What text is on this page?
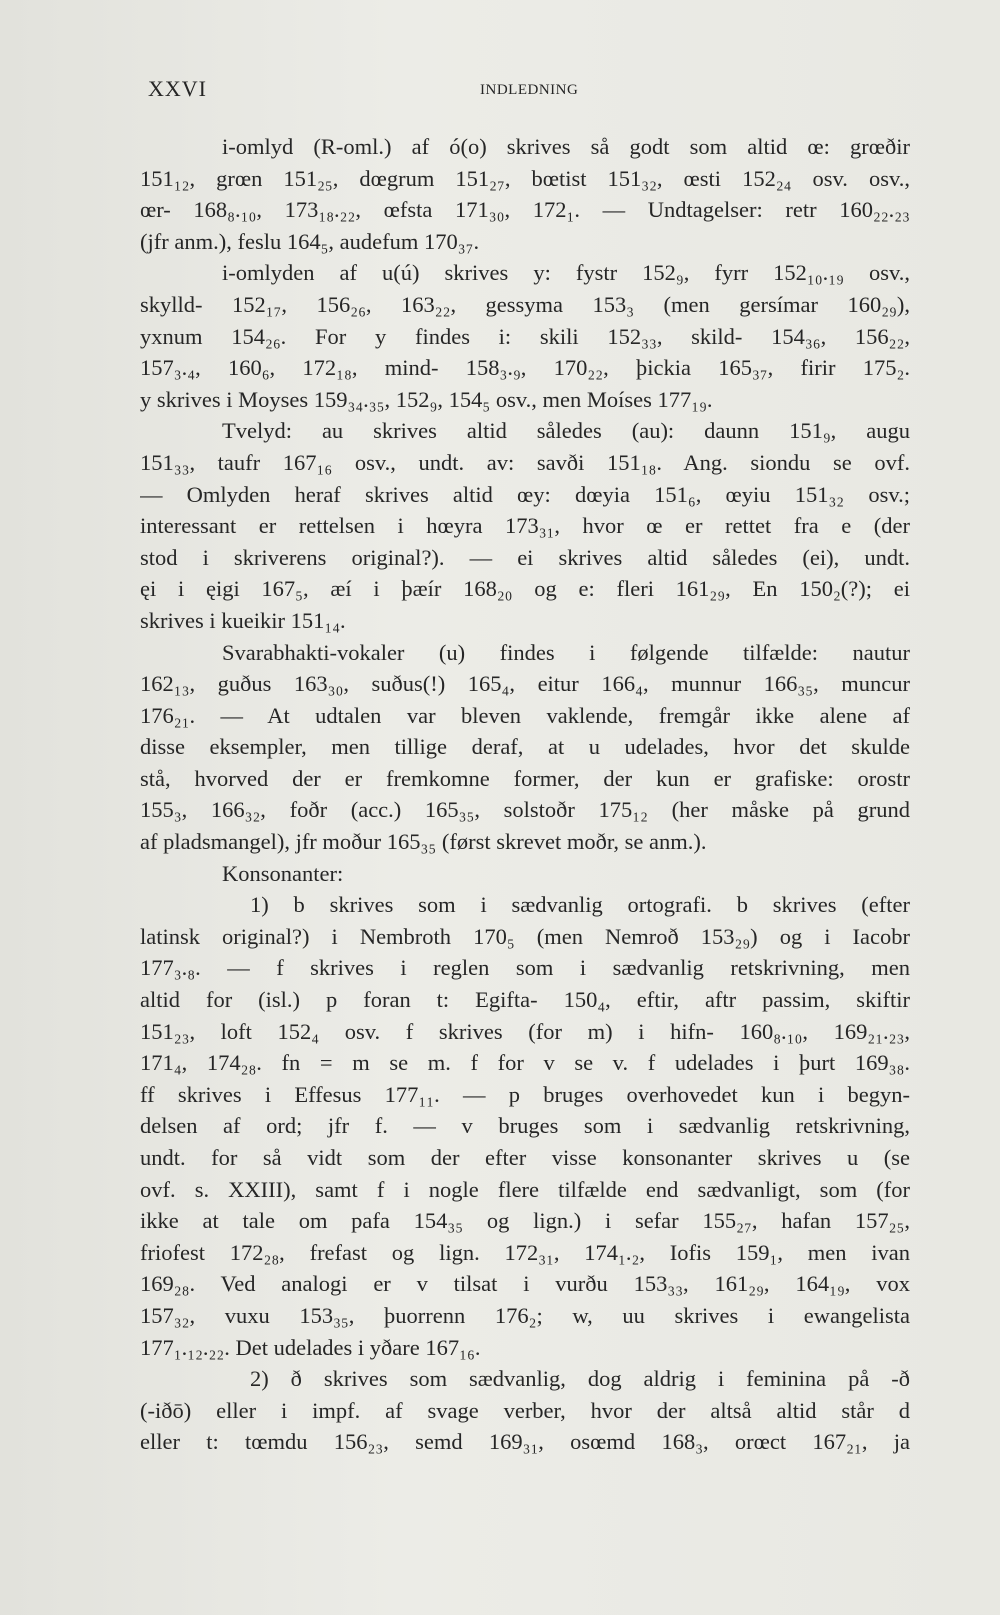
XXVI	INDLEDNING
i-omlyd (R-oml.) af ó(o) skrives så godt som altid œ: grœðir
151₁₂, grœn 151₂₅, dœgrum 151₂₇, bœtist 151₃₂, œsti 152₂₄ osv. osv.,
œr- 168₈.₁₀, 173₁₈.₂₂, œfsta 171₃₀, 172₁. — Undtagelser: retr 160₂₂.₂₃
(jfr anm.), feslu 164₅, audefum 170₃₇.
i-omlyden af u(ú) skrives y: fystr 152₉, fyrr 152₁₀.₁₉ osv.,
skylld- 152₁₇, 156₂₆, 163₂₂, gessyma 153₃ (men gersímar 160₂₉),
yxnum 154₂₆. For y findes i: skili 152₃₃, skild- 154₃₆, 156₂₂,
157₃.₄, 160₆, 172₁₈, mind- 158₃.₉, 170₂₂, þickia 165₃₇, firir 175₂.
y skrives i Moyses 159₃₄.₃₅, 152₉, 154₅ osv., men Moíses 177₁₉.
Tvelyd: au skrives altid således (au): daunn 151₉, augu
151₃₃, taufr 167₁₆ osv., undt. av: savði 151₁₈. Ang. siondu se ovf.
— Omlyden heraf skrives altid œy: dœyia 151₆, œyiu 151₃₂ osv.;
interessant er rettelsen i hœyra 173₃₁, hvor œ er rettet fra e (der
stod i skriverens original?). — ei skrives altid således (ei), undt.
ęi i ęigi 167₅, æí i þæír 168₂₀ og e: fleri 161₂₉, En 150₂(?); ei
skrives i kueikir 151₁₄.
Svarabhakti-vokaler (u) findes i følgende tilfælde: nautur
162₁₃, guðus 163₃₀, suðus(!) 165₄, eitur 166₄, munnur 166₃₅, muncur
176₂₁. — At udtalen var bleven vaklende, fremgår ikke alene af
disse eksempler, men tillige deraf, at u udelades, hvor det skulde
stå, hvorved der er fremkomne former, der kun er grafiske: orostr
155₃, 166₃₂, foðr (acc.) 165₃₅, solstoðr 175₁₂ (her måske på grund
af pladsmangel), jfr moður 165₃₅ (først skrevet moðr, se anm.).
Konsonanter:
1) b skrives som i sædvanlig ortografi. b skrives (efter
latinsk original?) i Nembroth 170₅ (men Nemroð 153₂₉) og i Iacobr
177₃.₈. — f skrives i reglen som i sædvanlig retskrivning, men
altid for (isl.) p foran t: Egifta- 150₄, eftir, aftr passim, skiftir
151₂₃, loft 152₄ osv. f skrives (for m) i hifn- 160₈.₁₀, 169₂₁.₂₃,
171₄, 174₂₈. fn = m se m. f for v se v. f udelades i þurt 169₃₈.
ff skrives i Effesus 177₁₁. — p bruges overhovedet kun i begyn-
delsen af ord; jfr f. — v bruges som i sædvanlig retskrivning,
undt. for så vidt som der efter visse konsonanter skrives u (se
ovf. s. XXIII), samt f i nogle flere tilfælde end sædvanligt, som (for
ikke at tale om pafa 154₃₅ og lign.) i sefar 155₂₇, hafan 157₂₅,
friofest 172₂₈, frefast og lign. 172₃₁, 174₁.₂, Iofis 159₁, men ivan
169₂₈. Ved analogi er v tilsat i vurðu 153₃₃, 161₂₉, 164₁₉, vox
157₃₂, vuxu 153₃₅, þuorrenn 176₂; w, uu skrives i ewangelista
177₁.₁₂.₂₂. Det udelades i yðare 167₁₆.
2) ð skrives som sædvanlig, dog aldrig i feminina på -ð
(-iðō) eller i impf. af svage verber, hvor der altså altid står d
eller t: tœmdu 156₂₃, semd 169₃₁, osœmd 168₃, orœct 167₂₁, ja
